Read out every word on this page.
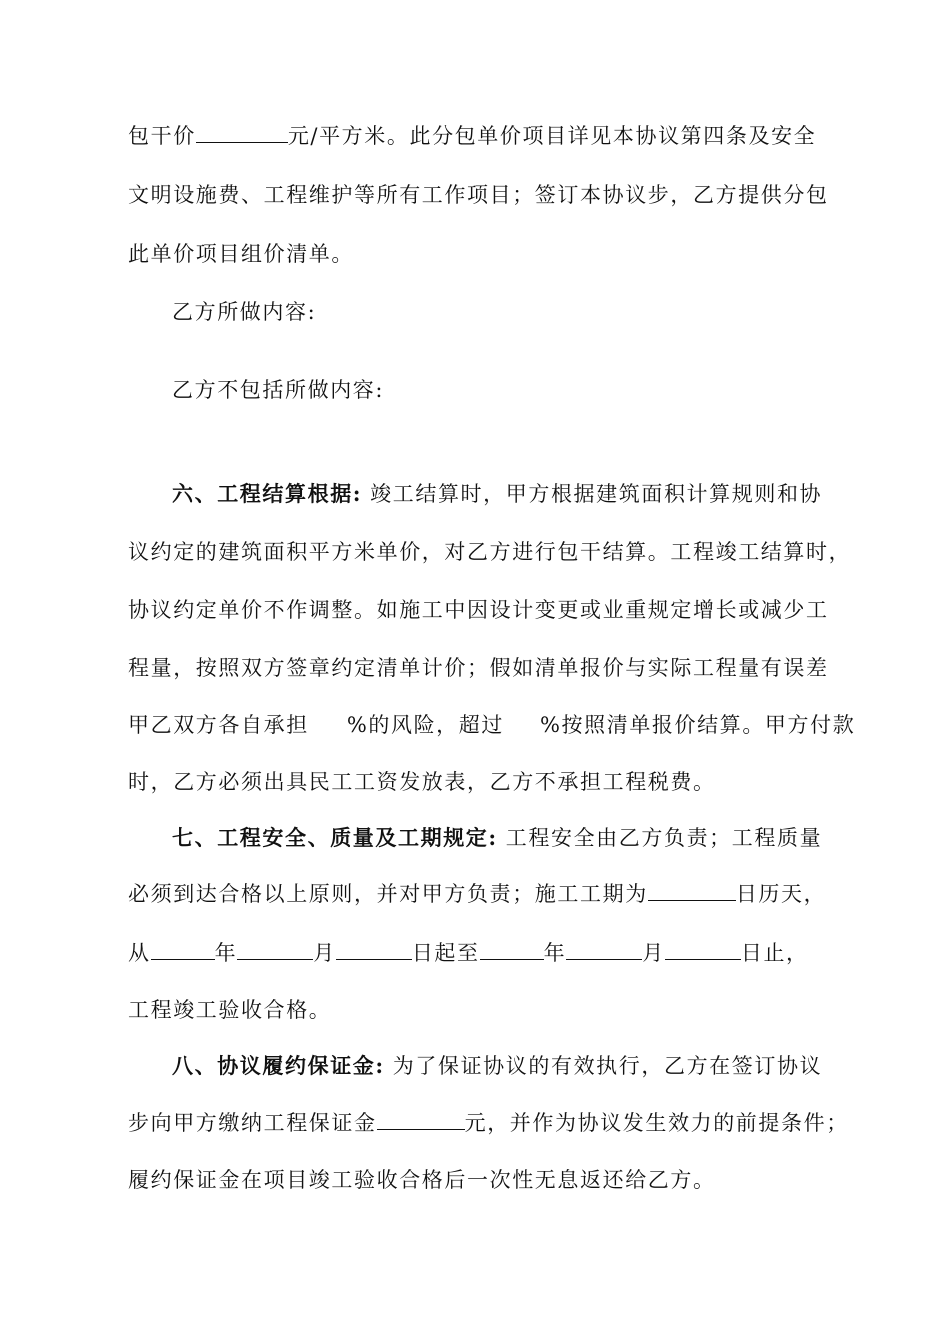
包干价	元/平方米。此分包单价项目详见本协议第四条及安全
文明设施费、工程维护等所有工作项目；签订本协议步，乙方提供分包
此单价项目组价清单。
乙方所做内容:
乙方不包括所做内容:
六、工程结算根据: 竣工结算时，甲方根据建筑面积计算规则和协
议约定的建筑面积平方米单价，对乙方进行包干结算。工程竣工结算时，
协议约定单价不作调整。如施工中因设计变更或业重规定增长或减少工
程量，按照双方签章约定清单计价；假如清单报价与实际工程量有误差
甲乙双方各自承担 %的风险，超过 %按照清单报价结算。甲方付款
时，乙方必须出具民工工资发放表，乙方不承担工程税费。
七、工程安全、质量及工期规定: 工程安全由乙方负责；工程质量
必须到达合格以上原则，并对甲方负责；施工工期为	日历天，
从	年	月	日起至	年	月	日止，
工程竣工验收合格。
八、协议履约保证金: 为了保证协议的有效执行，乙方在签订协议
步向甲方缴纳工程保证金	元，并作为协议发生效力的前提条件；
履约保证金在项目竣工验收合格后一次性无息返还给乙方。
